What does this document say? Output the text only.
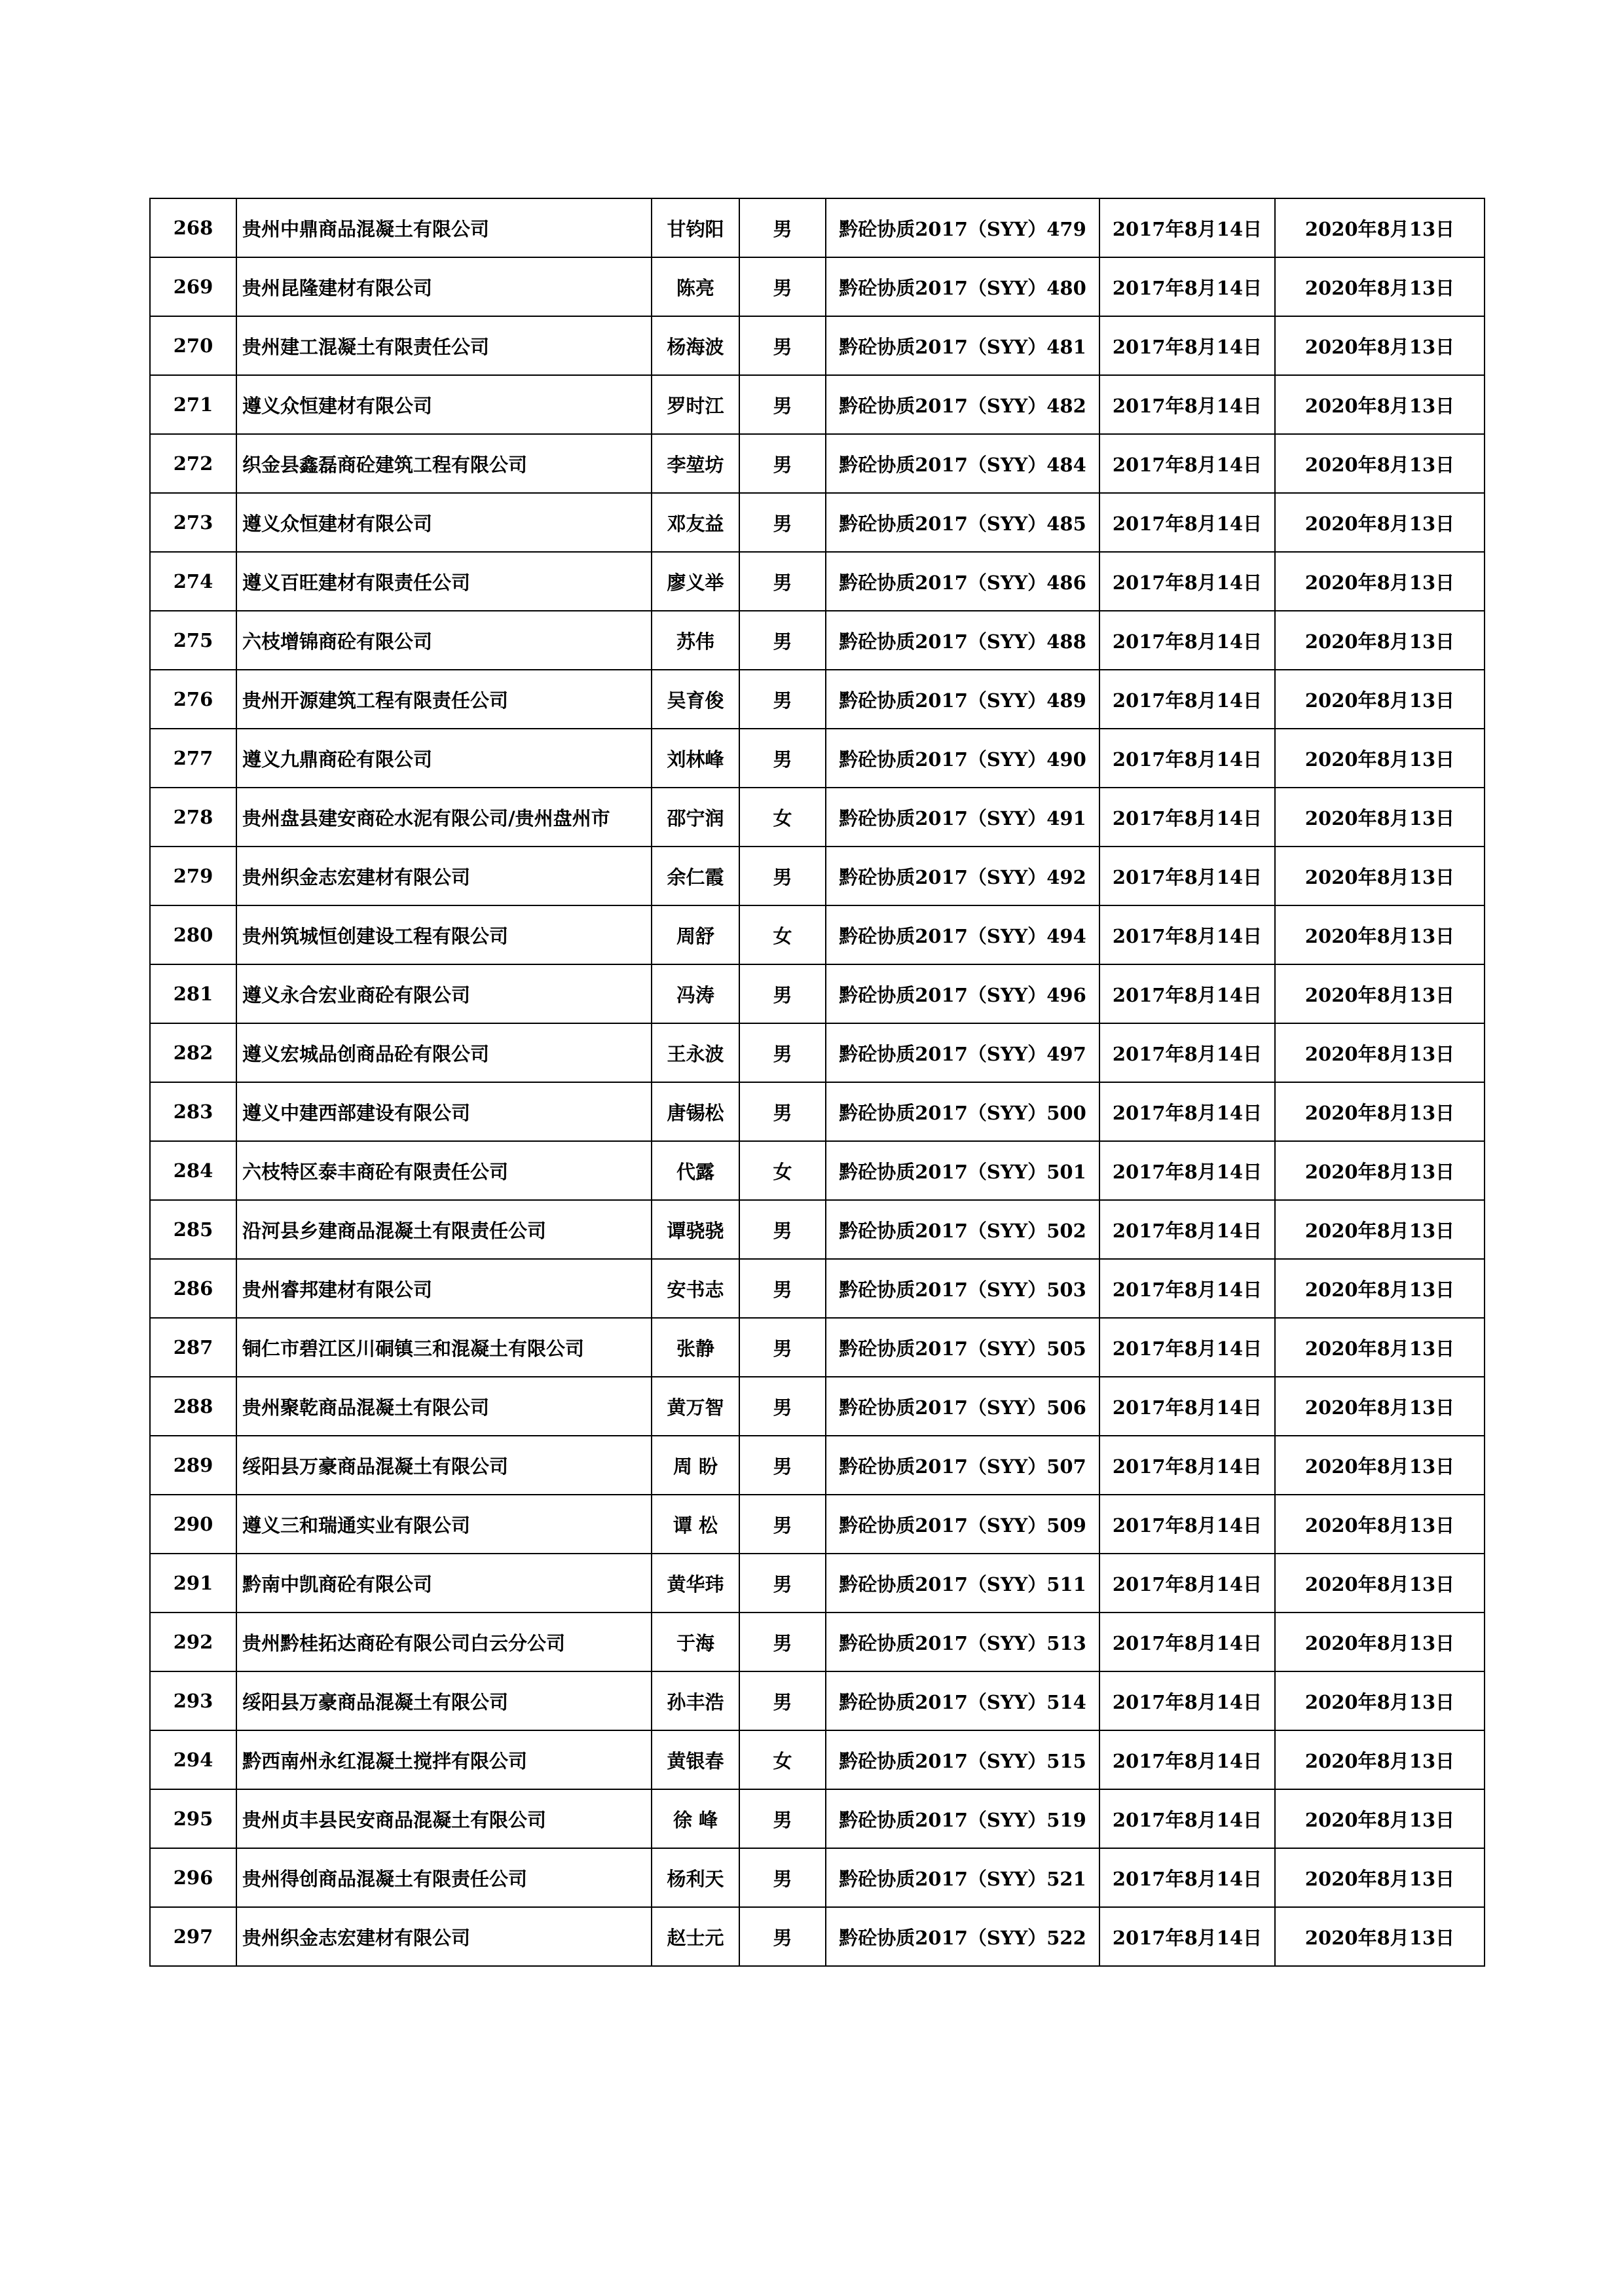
268	贵州中鼎商品混凝土有限公司	甘钧阳	男	黔砼协质2017（SYY）479	2017年8月14日	2020年8月13日
269	贵州昆隆建材有限公司	陈亮	男	黔砼协质2017（SYY）480	2017年8月14日	2020年8月13日
270	贵州建工混凝土有限责任公司	杨海波	男	黔砼协质2017（SYY）481	2017年8月14日	2020年8月13日
271	遵义众恒建材有限公司	罗时江	男	黔砼协质2017（SYY）482	2017年8月14日	2020年8月13日
272	织金县鑫磊商砼建筑工程有限公司	李堃坊	男	黔砼协质2017（SYY）484	2017年8月14日	2020年8月13日
273	遵义众恒建材有限公司	邓友益	男	黔砼协质2017（SYY）485	2017年8月14日	2020年8月13日
274	遵义百旺建材有限责任公司	廖义举	男	黔砼协质2017（SYY）486	2017年8月14日	2020年8月13日
275	六枝增锦商砼有限公司	苏伟	男	黔砼协质2017（SYY）488	2017年8月14日	2020年8月13日
276	贵州开源建筑工程有限责任公司	吴育俊	男	黔砼协质2017（SYY）489	2017年8月14日	2020年8月13日
277	遵义九鼎商砼有限公司	刘林峰	男	黔砼协质2017（SYY）490	2017年8月14日	2020年8月13日
278	贵州盘县建安商砼水泥有限公司/贵州盘州市	邵宁润	女	黔砼协质2017（SYY）491	2017年8月14日	2020年8月13日
279	贵州织金志宏建材有限公司	余仁霞	男	黔砼协质2017（SYY）492	2017年8月14日	2020年8月13日
280	贵州筑城恒创建设工程有限公司	周舒	女	黔砼协质2017（SYY）494	2017年8月14日	2020年8月13日
281	遵义永合宏业商砼有限公司	冯涛	男	黔砼协质2017（SYY）496	2017年8月14日	2020年8月13日
282	遵义宏城品创商品砼有限公司	王永波	男	黔砼协质2017（SYY）497	2017年8月14日	2020年8月13日
283	遵义中建西部建设有限公司	唐锡松	男	黔砼协质2017（SYY）500	2017年8月14日	2020年8月13日
284	六枝特区泰丰商砼有限责任公司	代露	女	黔砼协质2017（SYY）501	2017年8月14日	2020年8月13日
285	沿河县乡建商品混凝土有限责任公司	谭骁骁	男	黔砼协质2017（SYY）502	2017年8月14日	2020年8月13日
286	贵州睿邦建材有限公司	安书志	男	黔砼协质2017（SYY）503	2017年8月14日	2020年8月13日
287	铜仁市碧江区川硐镇三和混凝土有限公司	张静	男	黔砼协质2017（SYY）505	2017年8月14日	2020年8月13日
288	贵州聚乾商品混凝土有限公司	黄万智	男	黔砼协质2017（SYY）506	2017年8月14日	2020年8月13日
289	绥阳县万豪商品混凝土有限公司	周 盼	男	黔砼协质2017（SYY）507	2017年8月14日	2020年8月13日
290	遵义三和瑞通实业有限公司	谭 松	男	黔砼协质2017（SYY）509	2017年8月14日	2020年8月13日
291	黔南中凯商砼有限公司	黄华玮	男	黔砼协质2017（SYY）511	2017年8月14日	2020年8月13日
292	贵州黔桂拓达商砼有限公司白云分公司	于海	男	黔砼协质2017（SYY）513	2017年8月14日	2020年8月13日
293	绥阳县万豪商品混凝土有限公司	孙丰浩	男	黔砼协质2017（SYY）514	2017年8月14日	2020年8月13日
294	黔西南州永红混凝土搅拌有限公司	黄银春	女	黔砼协质2017（SYY）515	2017年8月14日	2020年8月13日
295	贵州贞丰县民安商品混凝土有限公司	徐 峰	男	黔砼协质2017（SYY）519	2017年8月14日	2020年8月13日
296	贵州得创商品混凝土有限责任公司	杨利天	男	黔砼协质2017（SYY）521	2017年8月14日	2020年8月13日
297	贵州织金志宏建材有限公司	赵士元	男	黔砼协质2017（SYY）522	2017年8月14日	2020年8月13日
